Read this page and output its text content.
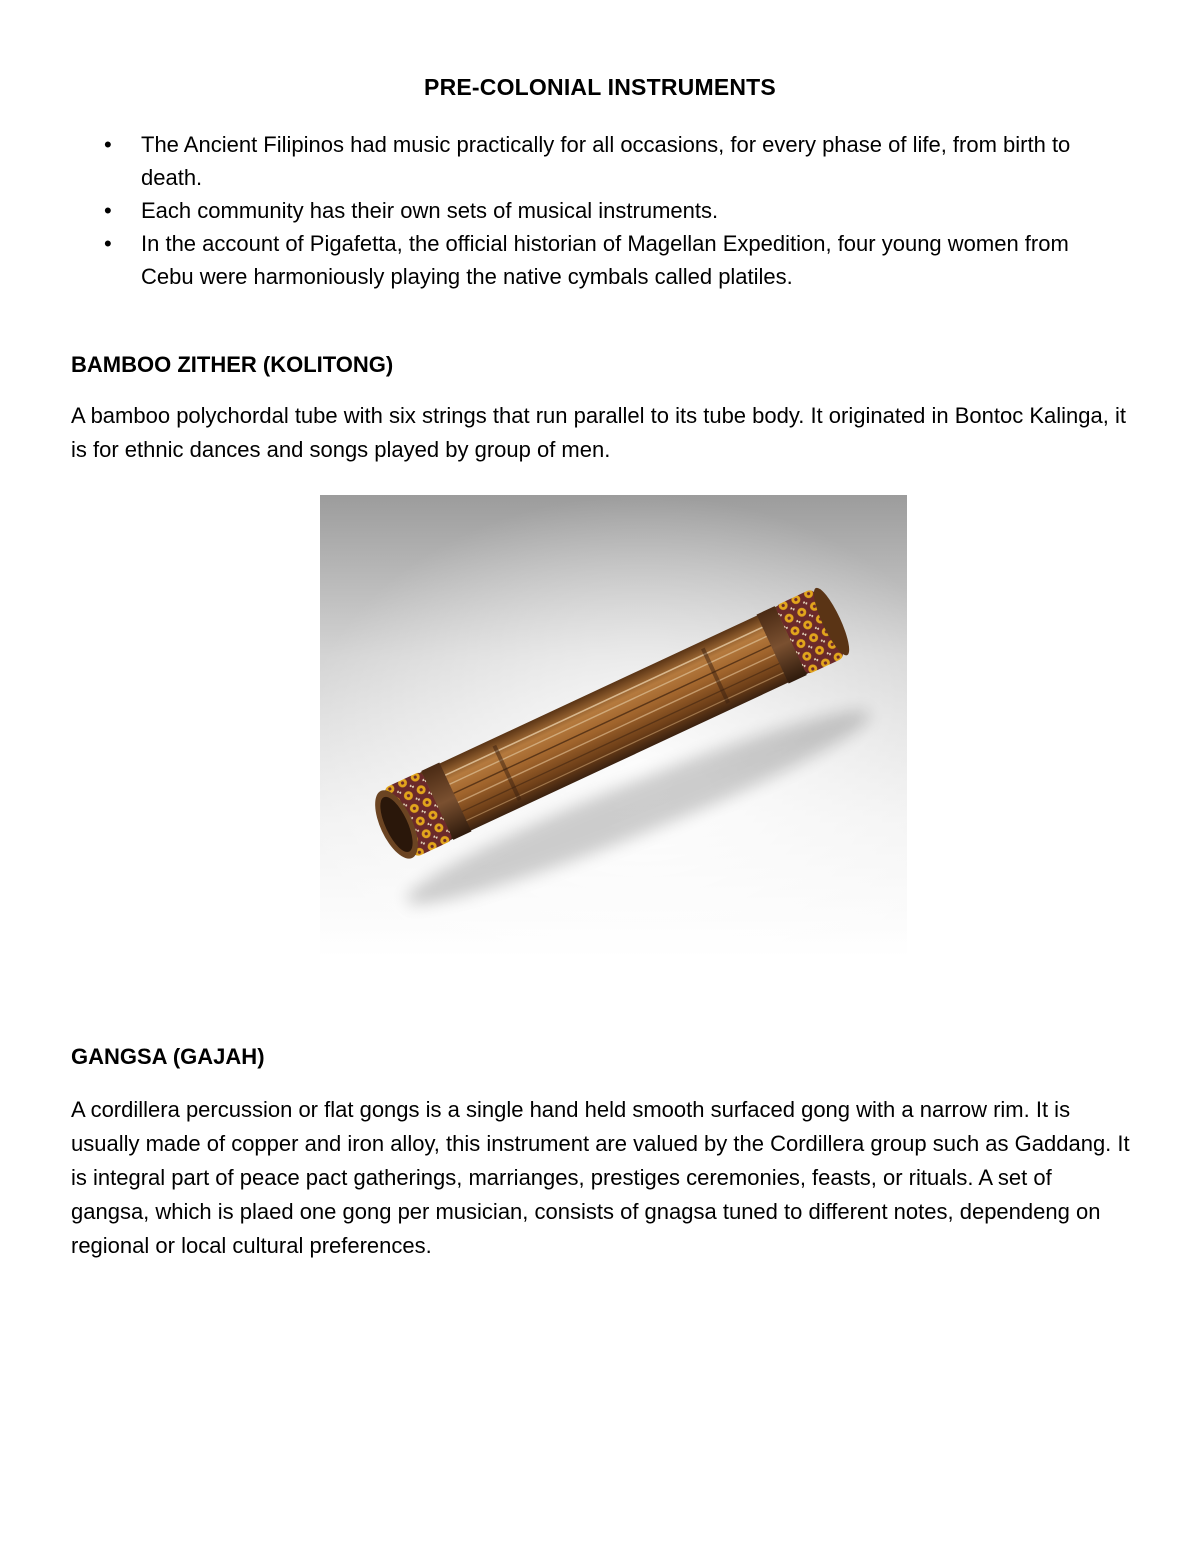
PRE-COLONIAL INSTRUMENTS
• The Ancient Filipinos had music practically for all occasions, for every phase of life, from birth to death.
• Each community has their own sets of musical instruments.
• In the account of Pigafetta, the official historian of Magellan Expedition, four young women from Cebu were harmoniously playing the native cymbals called platiles.
BAMBOO ZITHER (KOLITONG)

A bamboo polychordal tube with six strings that run parallel to its tube body. It originated in Bontoc Kalinga, it is for ethnic dances and songs played by group of men.

GANGSA (GAJAH)

A cordillera percussion or flat gongs is a single hand held smooth surfaced gong with a narrow rim. It is usually made of copper and iron alloy, this instrument are valued by the Cordillera group such as Gaddang. It is integral part of peace pact gatherings, marrianges, prestiges ceremonies, feasts, or rituals. A set of gangsa, which is plaed one gong per musician, consists of gnagsa tuned to different notes, dependeng on regional or local cultural preferences.
